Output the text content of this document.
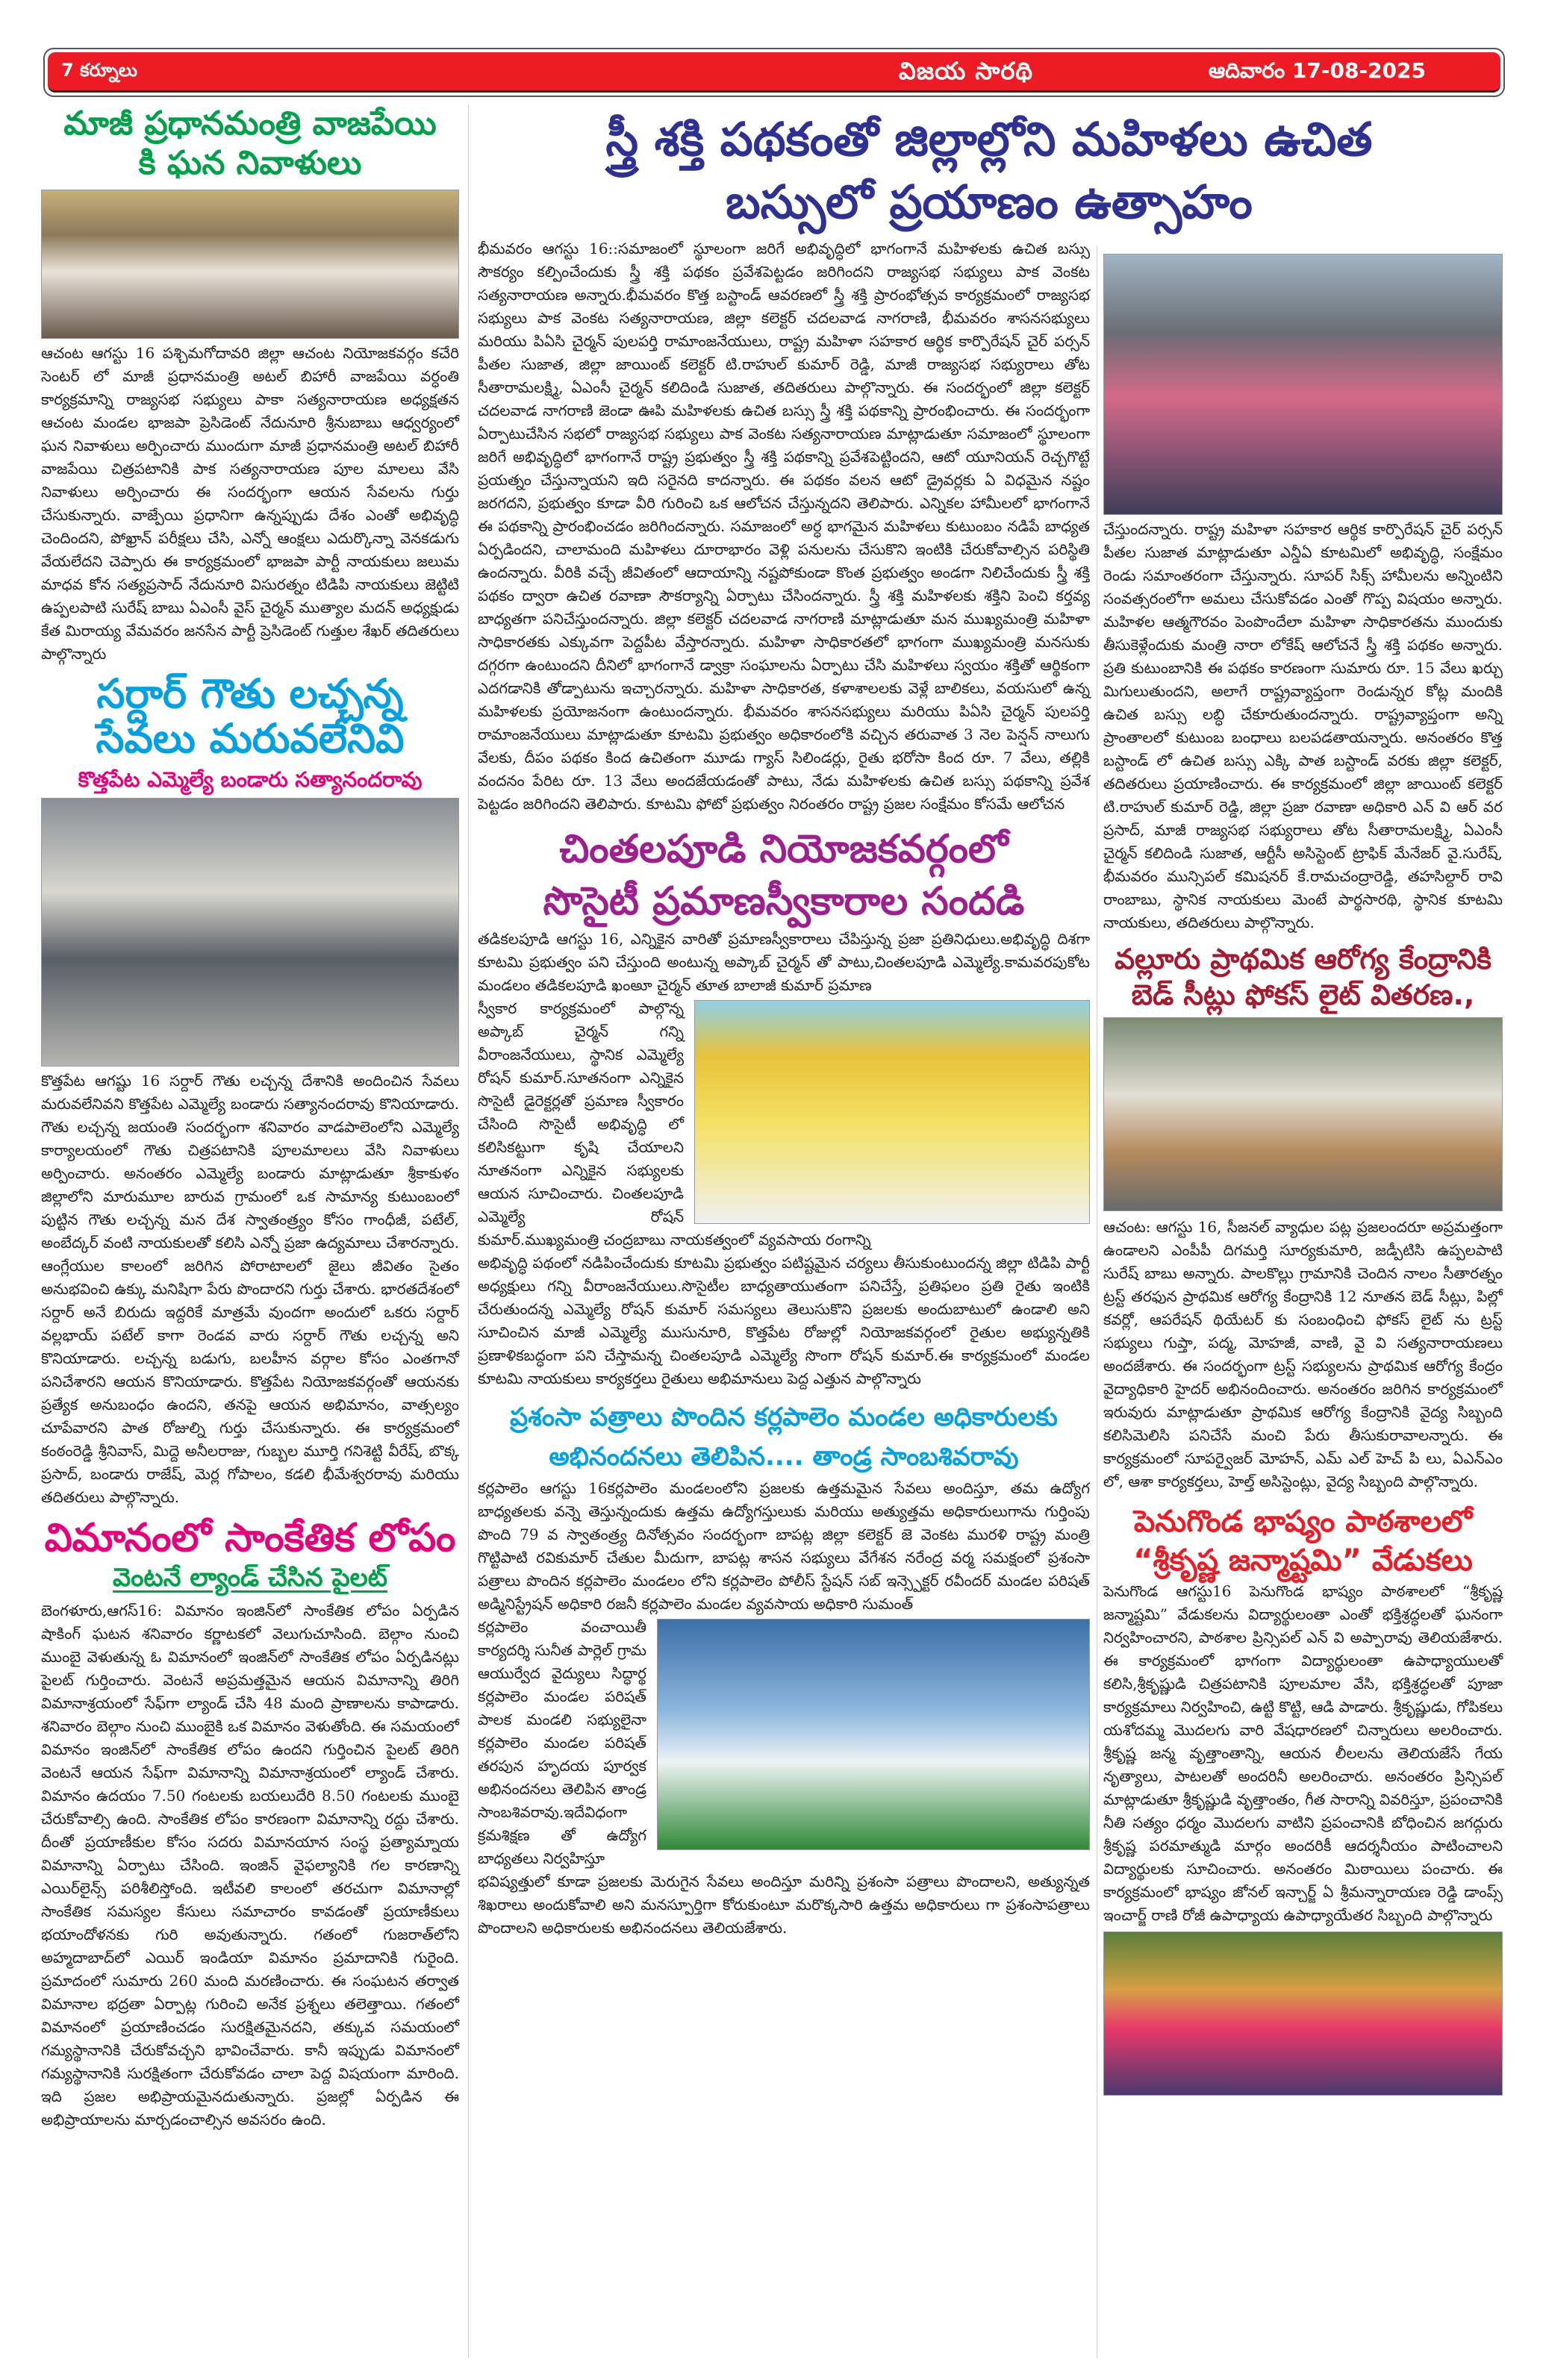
7 కర్నూలు	విజయ సారథి	ఆదివారం 17-08-2025
స్త్రీ శక్తి పథకంతో జిల్లాల్లోని మహిళలు ఉచిత
బస్సులో ప్రయాణం ఉత్సాహం
మాజీ ప్రధానమంత్రి వాజపేయి
కి ఘన నివాళులు

ఆచంట ఆగస్టు 16 పశ్చిమగోదావరి జిల్లా ఆచంట నియోజకవర్గం కచేరి సెంటర్ లో మాజీ ప్రధానమంత్రి అటల్ బిహారీ వాజపేయి వర్ధంతి కార్యక్రమాన్ని రాజ్యసభ సభ్యులు పాకా సత్యనారాయణ అధ్యక్షతన ఆచంట మండల భాజపా ప్రెసిడెంట్ నేదునూరి శ్రీనుబాబు ఆధ్వర్యంలో ఘన నివాళులు అర్పించారు ముందుగా మాజీ ప్రధానమంత్రి అటల్ బిహారీ వాజపేయి చిత్రపటానికి పాక సత్యనారాయణ పూల మాలలు వేసి నివాళులు అర్పించారు ఈ సందర్భంగా ఆయన సేవలను గుర్తు చేసుకున్నారు. వాజ్పేయి ప్రధానిగా ఉన్నప్పుడు దేశం ఎంతో అభివృద్ధి చెందిందని, పోఖ్రాన్ పరీక్షలు చేసి, ఎన్నో ఆంక్షలు ఎదుర్కొన్నా వెనకడుగు వేయలేదని చెప్పారు ఈ కార్యక్రమంలో భాజపా పార్టీ నాయకులు జలుమ మాధవ కోన సత్యప్రసాద్ నేదునూరి విసురత్నం టిడిపి నాయకులు జెట్టిటి ఉప్పలపాటి సురేష్ బాబు ఏఎంసీ వైస్ చైర్మన్ ముత్యాల మదన్ అధ్యక్షుడు కేత మిరాయ్య వేమవరం జనసేన పార్టీ ప్రెసిడెంట్ గుత్తుల శేఖర్ తదితరులు పాల్గొన్నారు

సర్దార్ గౌతు లచ్చన్న
సేవలు మరువలేనివి
కొత్తపేట ఎమ్మెల్యే బండారు సత్యానందరావు

కొత్తపేట ఆగష్టు 16 సర్దార్ గౌతు లచ్చన్న దేశానికి అందించిన సేవలు మరువలేనివని కొత్తపేట ఎమ్మెల్యే బండారు సత్యానందరావు కొనియాడారు. గౌతు లచ్చన్న జయంతి సందర్భంగా శనివారం వాడపాలెంలోని ఎమ్మెల్యే కార్యాలయంలో గౌతు చిత్రపటానికి పూలమాలలు వేసి నివాళులు అర్పించారు. అనంతరం ఎమ్మెల్యే బండారు మాట్లాడుతూ శ్రీకాకుళం జిల్లాలోని మారుమూల బారువ గ్రామంలో ఒక సామాన్య కుటుంబంలో పుట్టిన గౌతు లచ్చన్న మన దేశ స్వాతంత్ర్యం కోసం గాంధీజీ, పటేల్, అంబేద్కర్ వంటి నాయకులతో కలిసి ఎన్నో ప్రజా ఉద్యమాలు చేశారన్నారు. ఆంగ్లేయుల కాలంలో జరిగిన పోరాటాలలో జైలు జీవితం సైతం అనుభవించి ఉక్కు మనిషిగా పేరు పొందారని గుర్తు చేశారు. భారతదేశంలో సర్దార్ అనే బిరుదు ఇద్దరికే మాత్రమే వుందగా అందులో ఒకరు సర్దార్ వల్లభాయ్ పటేల్ కాగా రెండవ వారు సర్దార్ గౌతు లచ్చన్న అని కొనియాడారు. లచ్చన్న బడుగు, బలహీన వర్గాల కోసం ఎంతగానో పనిచేశారని ఆయన కొనియాడారు. కొత్తపేట నియోజకవర్గంతో ఆయనకు ప్రత్యేక అనుబంధం ఉందని, తనపై ఆయన అభిమానం, వాత్సల్యం చూపేవారని పాత రోజుల్ని గుర్తు చేసుకున్నారు. ఈ కార్యక్రమంలో కంఠంరెడ్డి శ్రీనివాస్, మిద్దె అనీలరాజు, గుబ్బల మూర్తి గనిశెట్టి వీరేష్, బొక్క ప్రసాద్, బండారు రాజేష్, మెర్ల గోపాలం, కడలి భీమేశ్వరరావు మరియు తదితరులు పాల్గొన్నారు.

విమానంలో సాంకేతిక లోపం
వెంటనే ల్యాండ్ చేసిన పైలట్

బెంగళూరు,ఆగస్16: విమానం ఇంజిన్‌లో సాంకేతిక లోపం ఏర్పడిన షాకింగ్ ఘటన శనివారం కర్ణాటకలో వెలుగుచూసింది. బెల్గాం నుంచి ముంబై వెళుతున్న ఓ విమానంలో ఇంజిన్‌లో సాంకేతిక లోపం ఏర్పడినట్లు పైలట్ గుర్తించారు. వెంటనే అప్రమత్తమైన ఆయన విమానాన్ని తిరిగి విమానాశ్రయంలో సేఫ్‌గా ల్యాండ్ చేసి 48 మంది ప్రాణాలను కాపాడారు. శనివారం బెల్గాం నుంచి ముంబైకి ఒక విమానం వెళుతోంది. ఈ సమయంలో విమానం ఇంజిన్‌లో సాంకేతిక లోపం ఉందని గుర్తించిన పైలట్ తిరిగి వెంటనే ఆయన సేఫ్‌గా విమానాన్ని విమానాశ్రయంలో ల్యాండ్ చేశారు. విమానం ఉదయం 7.50 గంటలకు బయలుదేరి 8.50 గంటలకు ముంబై చేరుకోవాల్సి ఉంది. సాంకేతిక లోపం కారణంగా విమానాన్ని రద్దు చేశారు. దీంతో ప్రయాణీకుల కోసం సదరు విమానయాన సంస్థ ప్రత్యామ్నాయ విమానాన్ని ఏర్పాటు చేసింది. ఇంజిన్ వైఫల్యానికి గల కారణాన్ని ఎయిర్‌లైన్స్ పరిశీలిస్తోంది. ఇటీవలి కాలంలో తరచుగా విమానాల్లో సాంకేతిక సమస్యల కేసులు సమాచారం కావడంతో ప్రయాణీకులు భయాందోళనకు గురి అవుతున్నారు. గతంలో గుజరాత్‌లోని అహ్మదాబాద్‌లో ఎయిర్ ఇండియా విమానం ప్రమాదానికి గురైంది. ప్రమాదంలో సుమారు 260 మంది మరణించారు. ఈ సంఘటన తర్వాత విమానాల భద్రతా ఏర్పాట్ల గురించి అనేక ప్రశ్నలు తలెత్తాయి. గతంలో విమానంలో ప్రయాణించడం సురక్షితమైనదని, తక్కువ సమయంలో గమ్యస్థానానికి చేరుకోవచ్చని భావించేవారు. కానీ ఇప్పుడు విమానంలో గమ్యస్థానానికి సురక్షితంగా చేరుకోవడం చాలా పెద్ద విషయంగా మారింది. ఇది ప్రజల అభిప్రాయమైనదుతున్నారు. ప్రజల్లో ఏర్పడిన ఈ అభిప్రాయాలను మార్చడంచాల్సిన అవసరం ఉంది.

భీమవరం ఆగస్టు 16::సమాజంలో స్థూలంగా జరిగే అభివృద్ధిలో భాగంగానే మహిళలకు ఉచిత బస్సు సౌకర్యం కల్పించేందుకు స్త్రీ శక్తి పథకం ప్రవేశపెట్టడం జరిగిందని రాజ్యసభ సభ్యులు పాక వెంకట సత్యనారాయణ అన్నారు.భీమవరం కొత్త బస్టాండ్ ఆవరణలో స్త్రీ శక్తి ప్రారంభోత్సవ కార్యక్రమంలో రాజ్యసభ సభ్యులు పాక వెంకట సత్యనారాయణ, జిల్లా కలెక్టర్ చదలవాడ నాగరాణి, భీమవరం శాసనసభ్యులు మరియు పిఏసి చైర్మన్ పులపర్తి రామాంజనేయులు, రాష్ట్ర మహిళా సహకార ఆర్థిక కార్పొరేషన్ చైర్ పర్సన్ పీతల సుజాత, జిల్లా జాయింట్ కలెక్టర్ టి.రాహుల్ కుమార్ రెడ్డి, మాజీ రాజ్యసభ సభ్యురాలు తోట సీతారామలక్ష్మి, ఏఎంసీ చైర్మన్ కలిదిండి సుజాత, తదితరులు పాల్గొన్నారు. ఈ సందర్భంలో జిల్లా కలెక్టర్ చదలవాడ నాగరాణి జెండా ఊపి మహిళలకు ఉచిత బస్సు స్త్రీ శక్తి పథకాన్ని ప్రారంభించారు. ఈ సందర్భంగా ఏర్పాటుచేసిన సభలో రాజ్యసభ సభ్యులు పాక వెంకట సత్యనారాయణ మాట్లాడుతూ సమాజంలో స్థూలంగా జరిగే అభివృద్ధిలో భాగంగానే రాష్ట్ర ప్రభుత్వం స్త్రీ శక్తి పథకాన్ని ప్రవేశపెట్టిందని, ఆటో యూనియన్ రెచ్చగొట్టే ప్రయత్నం చేస్తున్నాయని ఇది సరైనది కాదన్నారు. ఈ పథకం వలన ఆటో డ్రైవర్లకు ఏ విధమైన నష్టం జరగదని, ప్రభుత్వం కూడా వీరి గురించి ఒక ఆలోచన చేస్తున్నదని తెలిపారు. ఎన్నికల హామీలలో భాగంగానే ఈ పథకాన్ని ప్రారంభించడం జరిగిందన్నారు. సమాజంలో అర్ధ భాగమైన మహిళలు కుటుంబం నడిపే బాధ్యత ఏర్పడిందని, చాలామంది మహిళలు దూరాభారం వెళ్లి పనులను చేసుకొని ఇంటికి చేరుకోవాల్సిన పరిస్థితి ఉందన్నారు. వీరికి వచ్చే జీవితంలో ఆదాయాన్ని నష్టపోకుండా కొంత ప్రభుత్వం అండగా నిలిచేందుకు స్త్రీ శక్తి పథకం ద్వారా ఉచిత రవాణా సౌకర్యాన్ని ఏర్పాటు చేసిందన్నారు. స్త్రీ శక్తి మహిళలకు శక్తిని పెంచి కర్తవ్య బాధ్యతగా పనిచేస్తుందన్నారు. జిల్లా కలెక్టర్ చదలవాడ నాగరాణి మాట్లాడుతూ మన ముఖ్యమంత్రి మహిళా సాధికారతకు ఎక్కువగా పెద్దపీట వేస్తారన్నారు. మహిళా సాధికారతలో భాగంగా ముఖ్యమంత్రి మనసుకు దగ్గరగా ఉంటుందని దీనిలో భాగంగానే డ్వాక్రా సంఘాలను ఏర్పాటు చేసి మహిళలు స్వయం శక్తితో ఆర్థికంగా ఎదగడానికి తోడ్పాటును ఇచ్చారన్నారు. మహిళా సాధికారత, కళాశాలలకు వెళ్లే బాలికలు, వయసులో ఉన్న మహిళలకు ప్రయోజనంగా ఉంటుందన్నారు. భీమవరం శాసనసభ్యులు మరియు పిఏసి చైర్మన్ పులపర్తి రామాంజనేయులు మాట్లాడుతూ కూటమి ప్రభుత్వం అధికారంలోకి వచ్చిన తరువాత 3 నెల పెన్షన్ నాలుగు వేలకు, దీపం పథకం కింద ఉచితంగా మూడు గ్యాస్ సిలిండర్లు, రైతు భరోసా కింద రూ. 7 వేలు, తల్లికి వందనం పేరిట రూ. 13 వేలు అందజేయడంతో పాటు, నేడు మహిళలకు ఉచిత బస్సు పథకాన్ని ప్రవేశ పెట్టడం జరిగిందని తెలిపారు. కూటమి ఫోటో ప్రభుత్వం నిరంతరం రాష్ట్ర ప్రజల సంక్షేమం కోసమే ఆలోచన

చింతలపూడి నియోజకవర్గంలో
సొసైటీ ప్రమాణస్వీకారాల సందడి

తడికలపూడి ఆగస్టు 16, ఎన్నికైన వారితో ప్రమాణస్వీకారాలు చేపిస్తున్న ప్రజా ప్రతినిధులు.అభివృద్ధి దిశగా కూటమి ప్రభుత్వం పని చేస్తుంది అంటున్న అప్కాబ్ చైర్మన్ తో పాటు,చింతలపూడి ఎమ్మెల్యే.కామవరపుకోట మండలం తడికలపూడి ఖంఅూ చైర్మన్ తూత బాలాజీ కుమార్ ప్రమాణ

స్వీకార కార్యక్రమంలో పాల్గొన్న అప్కాబ్ చైర్మన్ గన్ని వీరాంజనేయులు, స్థానిక ఎమ్మెల్యే రోషన్ కుమార్.సూతనంగా ఎన్నికైన సొసైటీ డైరెక్టర్లతో ప్రమాణ స్వీకారం చేసింది సొసైటీ అభివృద్ధి లో కలిసికట్టుగా కృషి చేయాలని నూతనంగా ఎన్నికైన సభ్యులకు ఆయన సూచించారు. చింతలపూడి ఎమ్మెల్యే రోషన్ కుమార్.ముఖ్యమంత్రి చంద్రబాబు నాయకత్వంలో వ్యవసాయ రంగాన్ని

అభివృద్ధి పథంలో నడిపించేందుకు కూటమి ప్రభుత్వం పటిష్టమైన చర్యలు తీసుకుంటుందన్న జిల్లా టిడిపి పార్టీ అధ్యక్షులు గన్ని వీరాంజనేయులు.సొసైటీల బాధ్యతాయుతంగా పనిచేస్తే, ప్రతిఫలం ప్రతి రైతు ఇంటికి చేరుతుందన్న ఎమ్మెల్యే రోషన్ కుమార్ సమస్యలు తెలుసుకొని ప్రజలకు అందుబాటులో ఉండాలి అని సూచించిన మాజీ ఎమ్మెల్యే ముసునూరి, కొత్తపేట రోజుల్లో నియోజకవర్గంలో రైతుల అభ్యున్నతికి ప్రణాళికబద్ధంగా పని చేస్తామన్న చింతలపూడి ఎమ్మెల్యే సొంగా రోషన్ కుమార్.ఈ కార్యక్రమంలో మండల కూటమి నాయకులు కార్యకర్తలు రైతులు అభిమానులు పెద్ద ఎత్తున పాల్గొన్నారు

ప్రశంసా పత్రాలు పొందిన కర్లపాలెం మండల అధికారులకు
అభినందనలు తెలిపిన.... తాండ్ర సాంబశివరావు

కర్లపాలెం ఆగస్టు 16కర్లపాలెం మండలంలోని ప్రజలకు ఉత్తమమైన సేవలు అందిస్తూ, తమ ఉద్యోగ బాధ్యతలకు వన్నె తెస్తున్నందుకు ఉత్తమ ఉద్యోగస్తులుకు మరియు అత్యుత్తమ అధికారులుగాను గుర్తింపు పొంది 79 వ స్వాతంత్ర్య దినోత్సవం సందర్భంగా బాపట్ల జిల్లా కలెక్టర్ జె వెంకట మురళి రాష్ట్ర మంత్రి గొట్టిపాటి రవికుమార్ చేతుల మీదుగా, బాపట్ల శాసన సభ్యులు వేగేశన నరేంద్ర వర్మ సమక్షంలో ప్రశంసా పత్రాలు పొందిన కర్లపాలెం మండలం లోని కర్లపాలెం పోలీస్ స్టేషన్ సబ్ ఇన్స్పెక్టర్ రవీందర్ మండల పరిషత్ అడ్మినిస్ట్రేషన్ అధికారి రజనీ కర్లపాలెం మండల వ్యవసాయ అధికారి సుమంత్

కర్లపాలెం వంచాయితీ కార్యదర్శి సునీత పార్లెల్ గ్రామ ఆయుర్వేద వైద్యులు సిద్ధార్థ కర్లపాలెం మండల పరిషత్ పాలక మండలి సభ్యులైనా కర్లపాలెం మండల పరిషత్ తరపున హృదయ పూర్వక అభినందనలు తెలిపిన తాండ్ర సాంబశివరావు.ఇదేవిధంగా క్రమశిక్షణ తో ఉద్యోగ బాధ్యతలు నిర్వహిస్తూ

భవిష్యత్తులో కూడా ప్రజలకు మెరుగైన సేవలు అందిస్తూ మరిన్ని ప్రశంసా పత్రాలు పొందాలని, అత్యున్నత శిఖరాలు అందుకోవాలి అని మనస్పూర్తిగా కోరుకుంటూ మరొక్కసారి ఉత్తమ అధికారులు గా ప్రశంసాపత్రాలు పొందాలని అధికారులకు అభినందనలు తెలియజేశారు.

చేస్తుందన్నారు. రాష్ట్ర మహిళా సహకార ఆర్థిక కార్పొరేషన్ చైర్ పర్సన్ పీతల సుజాత మాట్లాడుతూ ఎన్డీఏ కూటమిలో అభివృద్ధి, సంక్షేమం రెండు సమాంతరంగా చేస్తున్నారు. సూపర్ సిక్స్ హామీలను అన్నింటిని సంవత్సరంలోగా అమలు చేసుకోవడం ఎంతో గొప్ప విషయం అన్నారు. మహిళల ఆత్మగౌరవం పెంపొందేలా మహిళా సాధికారతను ముందుకు తీసుకెళ్లేందుకు మంత్రి నారా లోకేష్ ఆలోచనే స్త్రీ శక్తి పథకం అన్నారు. ప్రతి కుటుంబానికి ఈ పథకం కారణంగా సుమారు రూ. 15 వేలు ఖర్చు మిగులుతుందని, అలాగే రాష్ట్రవ్యాప్తంగా రెండున్నర కోట్ల మందికి ఉచిత బస్సు లబ్ధి చేకూరుతుందన్నారు. రాష్ట్రవ్యాప్తంగా అన్ని ప్రాంతాలలో కుటుంబ బంధాలు బలపడతాయన్నారు. అనంతరం కొత్త బస్టాండ్ లో ఉచిత బస్సు ఎక్కి పాత బస్టాండ్ వరకు జిల్లా కలెక్టర్, తదితరులు ప్రయాణించారు. ఈ కార్యక్రమంలో జిల్లా జాయింట్ కలెక్టర్ టి.రాహుల్ కుమార్ రెడ్డి, జిల్లా ప్రజా రవాణా అధికారి ఎన్ వి ఆర్ వర ప్రసాద్, మాజీ రాజ్యసభ సభ్యురాలు తోట సీతారామలక్ష్మి, ఏఎంసీ చైర్మన్ కలిదిండి సుజాత, ఆర్టీసీ అసిస్టెంట్ ట్రాఫిక్ మేనేజర్ వై.సురేష్, భీమవరం మున్సిపల్ కమిషనర్ కే.రామచంద్రారెడ్డి, తహసిల్దార్ రావి రాంబాబు, స్థానిక నాయకులు మెంటే పార్థసారథి, స్థానిక కూటమి నాయకులు, తదితరులు పాల్గొన్నారు.

వల్లూరు ప్రాథమిక ఆరోగ్య కేంద్రానికి
బెడ్ సీట్లు ఫోకస్ లైట్ వితరణ.,

ఆచంట: ఆగస్టు 16, సీజనల్ వ్యాధుల పట్ల ప్రజలందరూ అప్రమత్తంగా ఉండాలని ఎంపీపీ దిగమర్తి సూర్యకుమారి, జడ్పీటిసి ఉప్పలపాటి సురేష్ బాబు అన్నారు. పాలకొల్లు గ్రామానికి చెందిన నాలం సీతారత్నం ట్రస్ట్ తరఫున ప్రాథమిక ఆరోగ్య కేంద్రానికి 12 నూతన బెడ్ సీట్లు, పిల్లో కవర్లో, ఆపరేషన్ థియేటర్ కు సంబంధించి ఫోకస్ లైట్ ను ట్రస్ట్ సభ్యులు గుప్తా, పద్మ, మోహజీ, వాణి, వై వి సత్యనారాయణలు అందజేశారు. ఈ సందర్భంగా ట్రస్ట్ సభ్యులను ప్రాథమిక ఆరోగ్య కేంద్రం వైద్యాధికారి హైదర్ అభినందించారు. అనంతరం జరిగిన కార్యక్రమంలో ఇరువురు మాట్లాడుతూ ప్రాథమిక ఆరోగ్య కేంద్రానికి వైద్య సిబ్బంది కలిసిమెలిసి పనిచేసే మంచి పేరు తీసుకురావాలన్నారు. ఈ కార్యక్రమంలో సూపర్వైజర్ మోహన్, ఎమ్ ఎల్ హెచ్ పి లు, ఏఎన్ఎం లో, ఆశా కార్యకర్తలు, హెల్త్ అసిస్టెంట్లు, వైద్య సిబ్బంది పాల్గొన్నారు.

పెనుగొండ భాష్యం పాఠశాలలో
“శ్రీకృష్ణ జన్మాష్టమి” వేడుకలు

పెనుగొండ ఆగస్టు16 పెనుగొండ భాష్యం పాఠశాలలో “శ్రీకృష్ణ జన్మాష్టమి” వేడుకలను విద్యార్థులంతా ఎంతో భక్తిశ్రద్ధలతో ఘనంగా నిర్వహించారని, పాఠశాల ప్రిన్సిపల్ ఎన్ వి అప్పారావు తెలియజేశారు. ఈ కార్యక్రమంలో భాగంగా విద్యార్థులంతా ఉపాధ్యాయులతో కలిసి,శ్రీకృష్ణుడి చిత్రపటానికి పూలమాల వేసి, భక్తిశ్రద్ధలతో పూజా కార్యక్రమాలు నిర్వహించి, ఉట్టి కొట్టి, ఆడి పాడారు. శ్రీకృష్ణుడు, గోపికలు యశోదమ్మ మొదలగు వారి వేషధారణలో చిన్నారులు అలరించారు. శ్రీకృష్ణ జన్మ వృత్తాంతాన్ని, ఆయన లీలలను తెలియజేసే గేయ నృత్యాలు, పాటలతో అందరినీ అలరించారు. అనంతరం ప్రిన్సిపల్ మాట్లాడుతూ శ్రీకృష్ణుడి వృత్తాంతం, గీత సారాన్ని వివరిస్తూ, ప్రపంచానికి నీతి సత్యం ధర్మం మొదలగు వాటిని ప్రపంచానికి బోధించిన జగద్గురు శ్రీకృష్ణ పరమాత్ముడి మార్గం అందరికీ ఆదర్శనీయం పాటించాలని విద్యార్థులకు సూచించారు. అనంతరం మిఠాయిలు పంచారు. ఈ కార్యక్రమంలో భాష్యం జోనల్ ఇన్చార్జ్ ఏ శ్రీమన్నారాయణ రెడ్డి డాంప్స్ ఇంచార్జ్ రాణి రోజీ ఉపాధ్యాయ ఉపాధ్యాయేతర సిబ్బంది పాల్గొన్నారు
